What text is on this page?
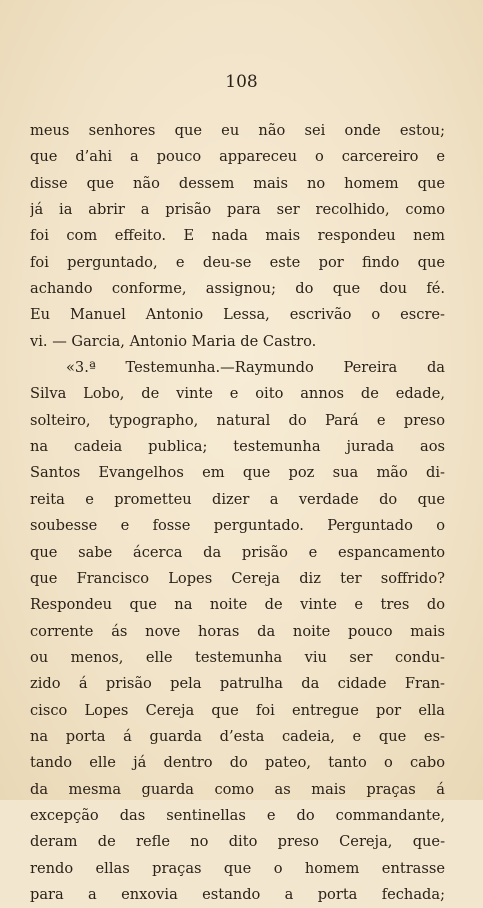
108
meus senhores que eu não sei onde estou;
que d’ahi a pouco appareceu o carcereiro e
disse que não dessem mais no homem que
já ia abrir a prisão para ser recolhido, como
foi com effeito. E nada mais respondeu nem
foi perguntado, e deu-se este por findo que
achando conforme, assignou; do que dou fé.
Eu Manuel Antonio Lessa, escrivão o escre-
vi. — Garcia, Antonio Maria de Castro.
«3.ª Testemunha.—Raymundo Pereira da
Silva Lobo, de vinte e oito annos de edade,
solteiro, typographo, natural do Pará e preso
na cadeia publica; testemunha jurada aos
Santos Evangelhos em que poz sua mão di-
reita e prometteu dizer a verdade do que
soubesse e fosse perguntado. Perguntado o
que sabe ácerca da prisão e espancamento
que Francisco Lopes Cereja diz ter soffrido?
Respondeu que na noite de vinte e tres do
corrente ás nove horas da noite pouco mais
ou menos, elle testemunha viu ser condu-
zido á prisão pela patrulha da cidade Fran-
cisco Lopes Cereja que foi entregue por ella
na porta á guarda d’esta cadeia, e que es-
tando elle já dentro do pateo, tanto o cabo
da mesma guarda como as mais praças á
excepção das sentinellas e do commandante,
deram de refle no dito preso Cereja, que-
rendo ellas praças que o homem entrasse
para a enxovia estando a porta fechada;
